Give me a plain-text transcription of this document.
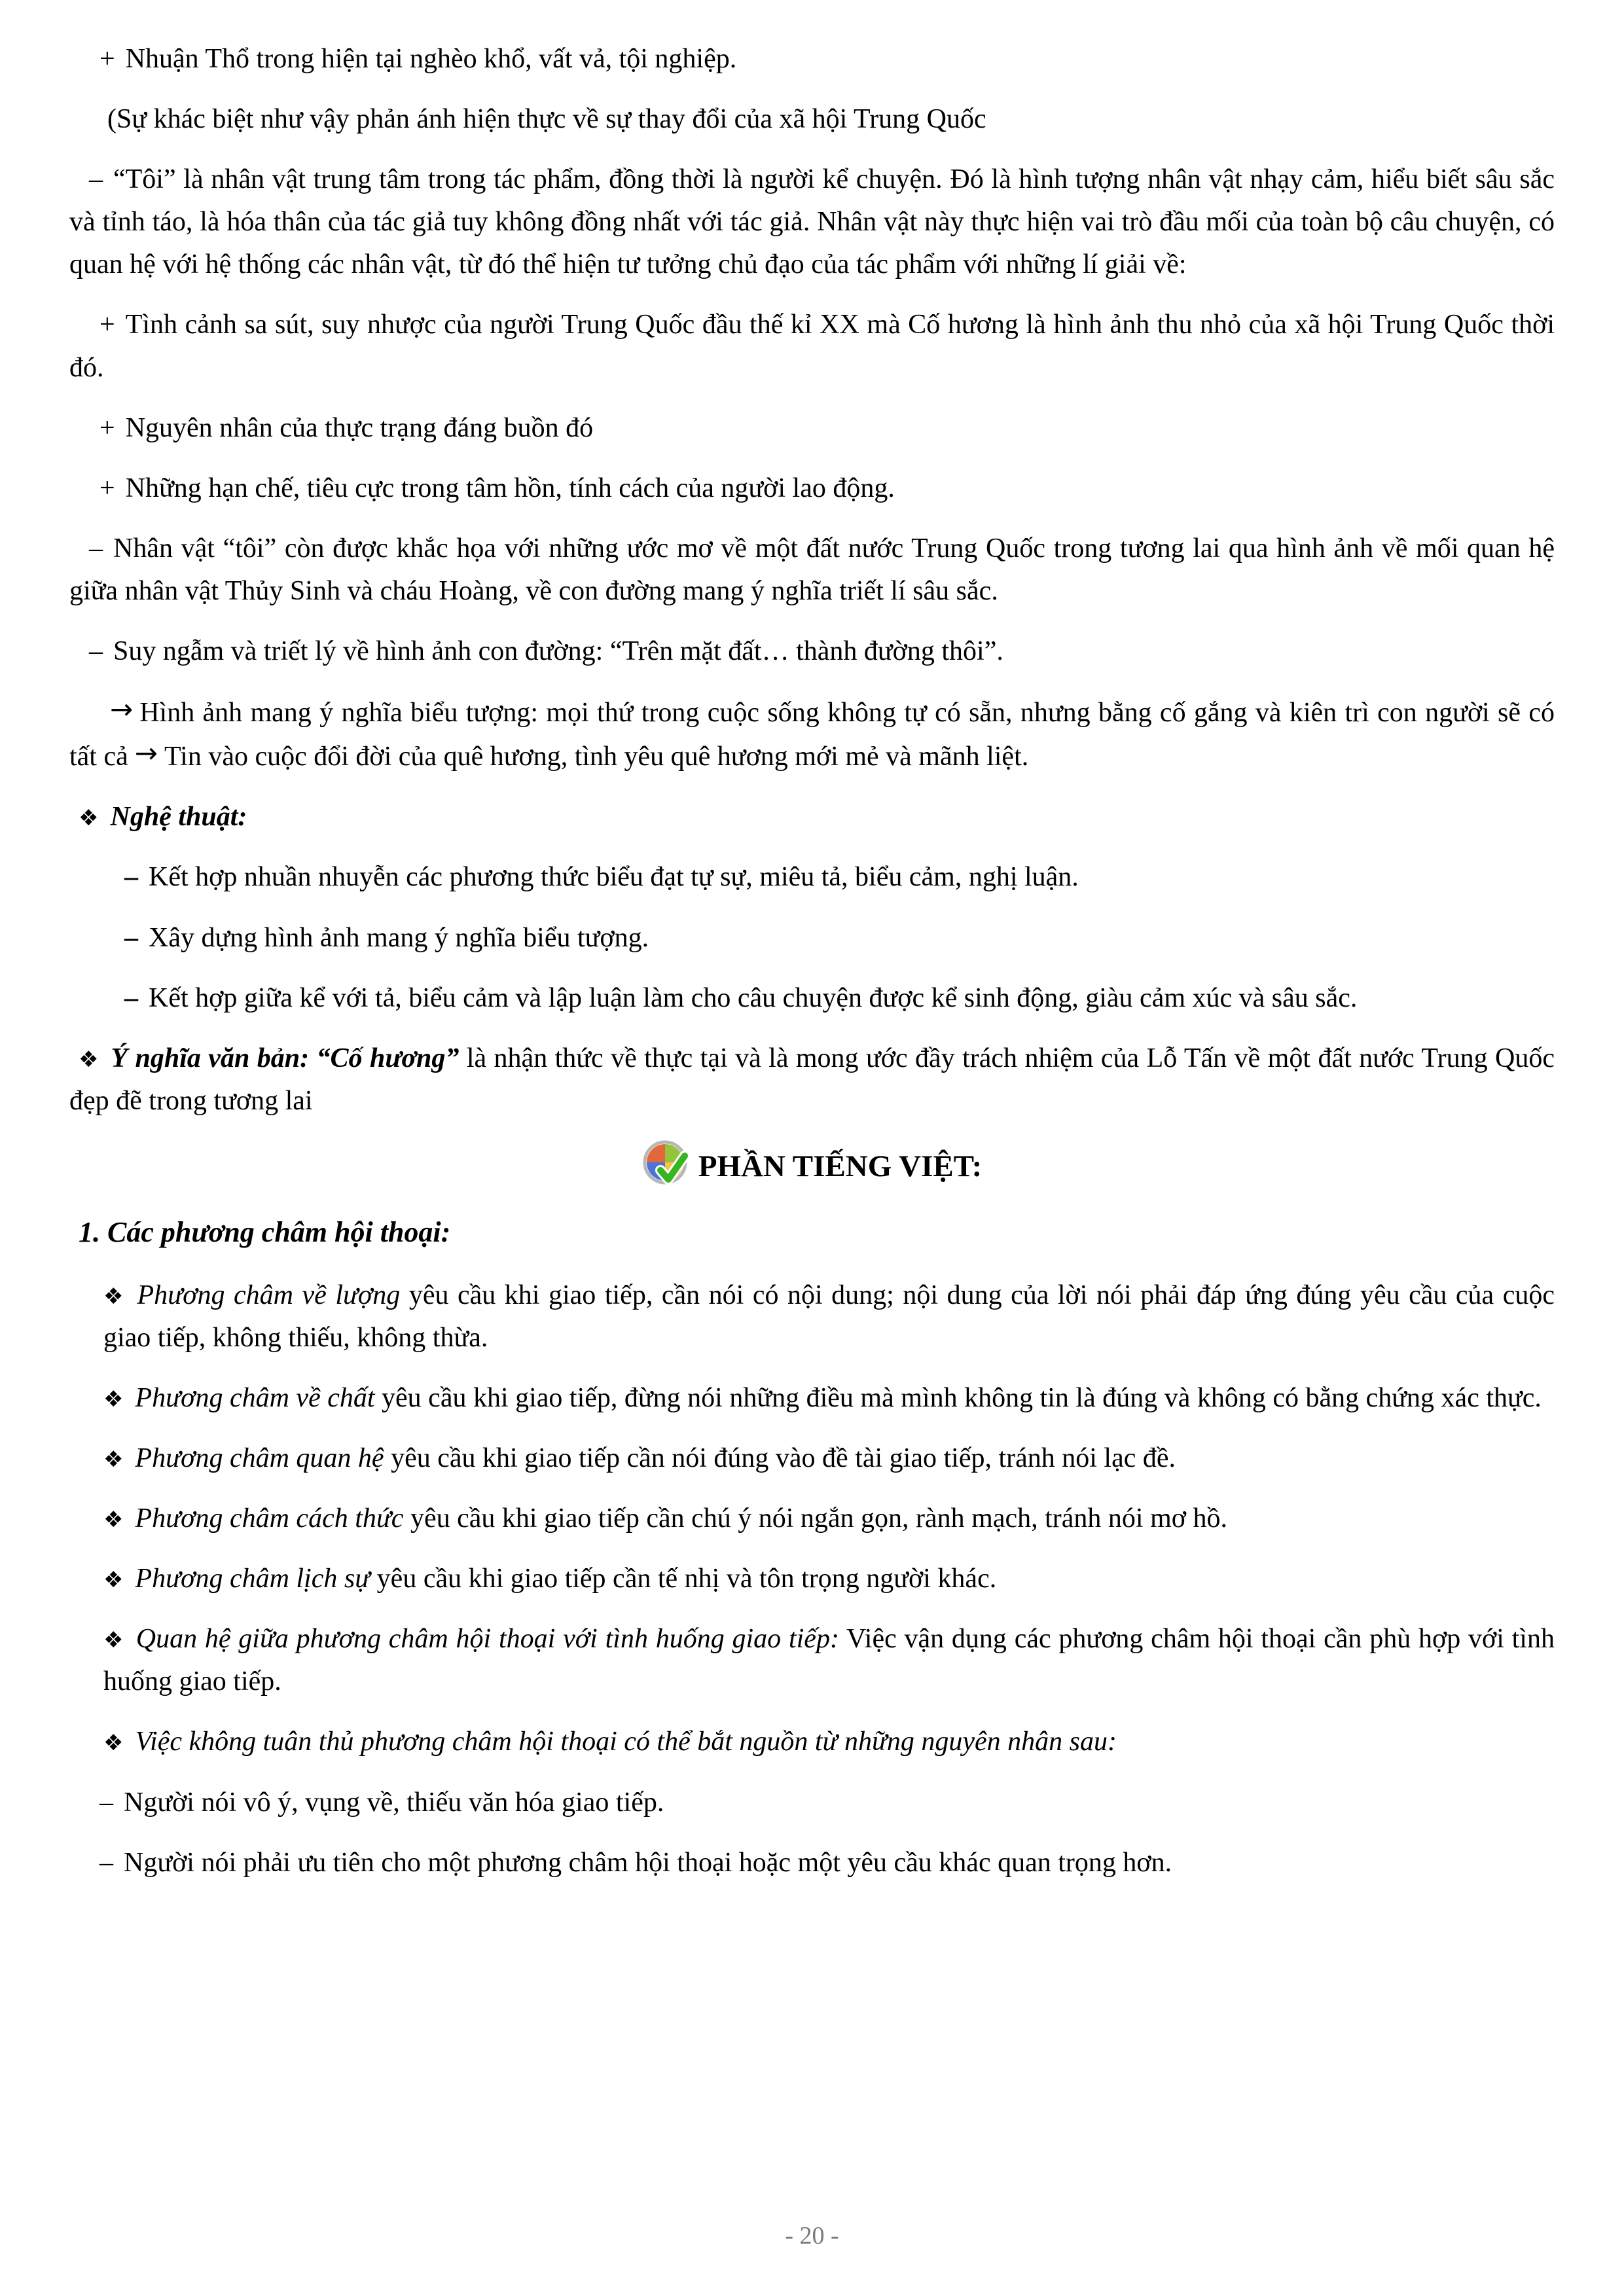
+ Nhuận Thổ trong hiện tại nghèo khổ, vất vả, tội nghiệp.

(Sự khác biệt như vậy phản ánh hiện thực về sự thay đổi của xã hội Trung Quốc

– “Tôi” là nhân vật trung tâm trong tác phẩm, đồng thời là người kể chuyện. Đó là hình tượng nhân vật nhạy cảm, hiểu biết sâu sắc và tỉnh táo, là hóa thân của tác giả tuy không đồng nhất với tác giả. Nhân vật này thực hiện vai trò đầu mối của toàn bộ câu chuyện, có quan hệ với hệ thống các nhân vật, từ đó thể hiện tư tưởng chủ đạo của tác phẩm với những lí giải về:

+ Tình cảnh sa sút, suy nhược của người Trung Quốc đầu thế kỉ XX mà Cố hương là hình ảnh thu nhỏ của xã hội Trung Quốc thời đó.

+ Nguyên nhân của thực trạng đáng buồn đó

+ Những hạn chế, tiêu cực trong tâm hồn, tính cách của người lao động.

– Nhân vật “tôi” còn được khắc họa với những ước mơ về một đất nước Trung Quốc trong tương lai qua hình ảnh về mối quan hệ giữa nhân vật Thủy Sinh và cháu Hoàng, về con đường mang ý nghĩa triết lí sâu sắc.

– Suy ngẫm và triết lý về hình ảnh con đường: “Trên mặt đất… thành đường thôi”.

→ Hình ảnh mang ý nghĩa biểu tượng: mọi thứ trong cuộc sống không tự có sẵn, nhưng bằng cố gắng và kiên trì con người sẽ có tất cả → Tin vào cuộc đổi đời của quê hương, tình yêu quê hương mới mẻ và mãnh liệt.

❖ Nghệ thuật:

– Kết hợp nhuần nhuyễn các phương thức biểu đạt tự sự, miêu tả, biểu cảm, nghị luận.

– Xây dựng hình ảnh mang ý nghĩa biểu tượng.

– Kết hợp giữa kể với tả, biểu cảm và lập luận làm cho câu chuyện được kể sinh động, giàu cảm xúc và sâu sắc.

❖ Ý nghĩa văn bản: “Cố hương” là nhận thức về thực tại và là mong ước đầy trách nhiệm của Lỗ Tấn về một đất nước Trung Quốc đẹp đẽ trong tương lai

PHẦN TIẾNG VIỆT:

1. Các phương châm hội thoại:

❖ Phương châm về lượng yêu cầu khi giao tiếp, cần nói có nội dung; nội dung của lời nói phải đáp ứng đúng yêu cầu của cuộc giao tiếp, không thiếu, không thừa.

❖ Phương châm về chất yêu cầu khi giao tiếp, đừng nói những điều mà mình không tin là đúng và không có bằng chứng xác thực.

❖ Phương châm quan hệ yêu cầu khi giao tiếp cần nói đúng vào đề tài giao tiếp, tránh nói lạc đề.

❖ Phương châm cách thức yêu cầu khi giao tiếp cần chú ý nói ngắn gọn, rành mạch, tránh nói mơ hồ.

❖ Phương châm lịch sự yêu cầu khi giao tiếp cần tế nhị và tôn trọng người khác.

❖ Quan hệ giữa phương châm hội thoại với tình huống giao tiếp: Việc vận dụng các phương châm hội thoại cần phù hợp với tình huống giao tiếp.

❖ Việc không tuân thủ phương châm hội thoại có thể bắt nguồn từ những nguyên nhân sau:

– Người nói vô ý, vụng về, thiếu văn hóa giao tiếp.

– Người nói phải ưu tiên cho một phương châm hội thoại hoặc một yêu cầu khác quan trọng hơn.

- 20 -
